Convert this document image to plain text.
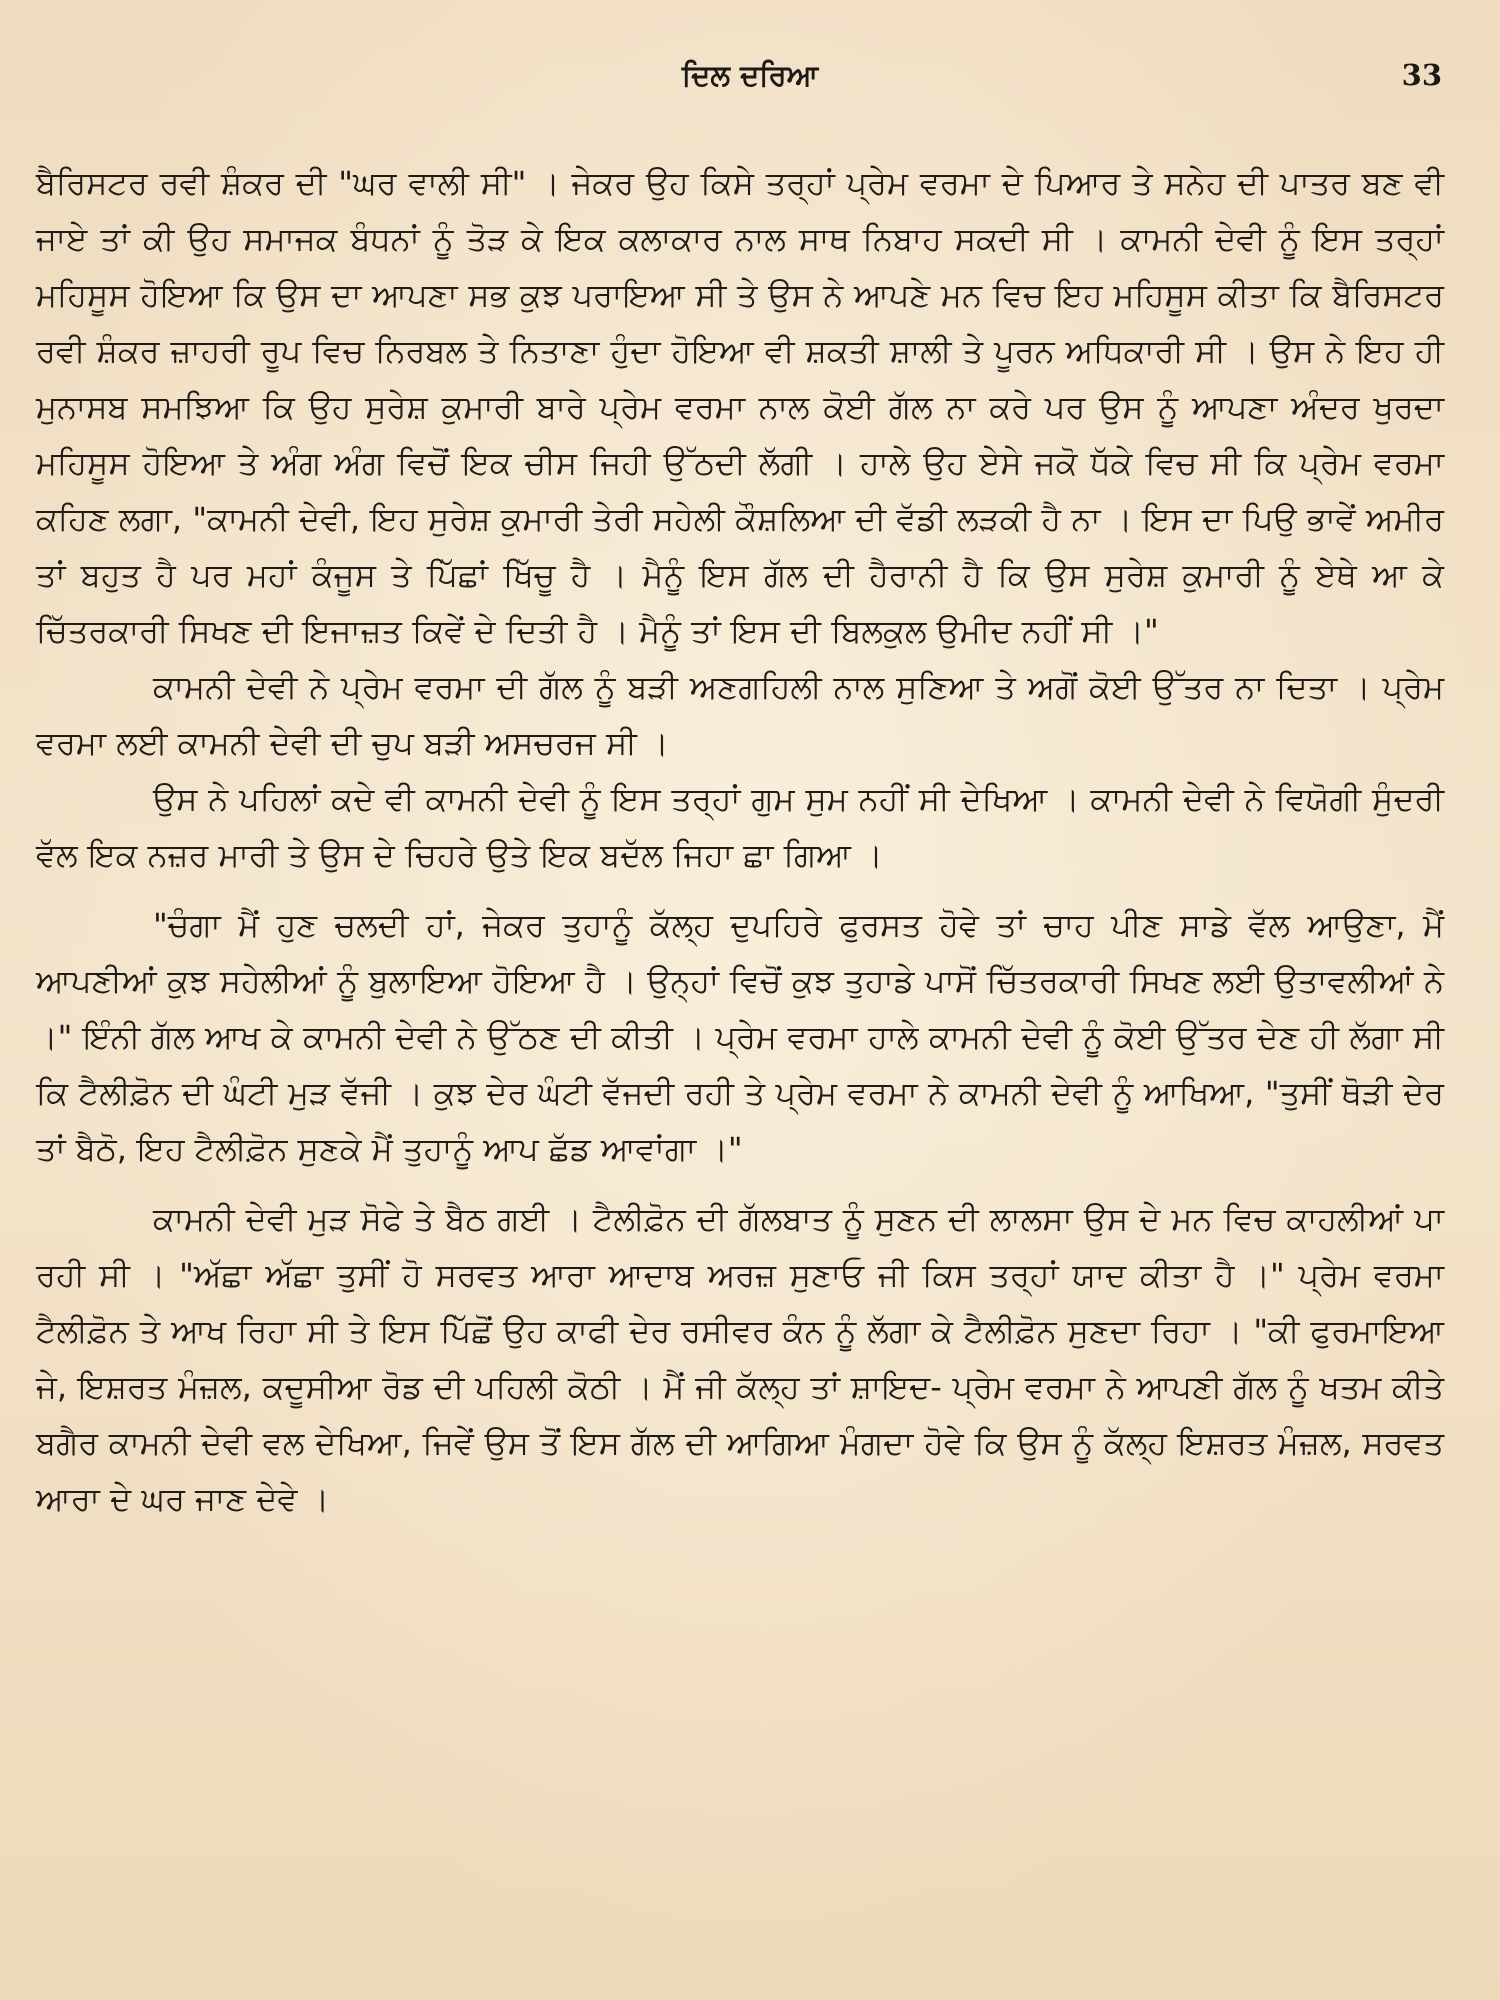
ਦਿਲ ਦਰਿਆ	33

ਬੈਰਿਸਟਰ ਰਵੀ ਸ਼ੰਕਰ ਦੀ "ਘਰ ਵਾਲੀ ਸੀ" । ਜੇਕਰ ਉਹ ਕਿਸੇ ਤਰ੍ਹਾਂ ਪ੍ਰੇਮ ਵਰਮਾ ਦੇ ਪਿਆਰ ਤੇ ਸਨੇਹ ਦੀ ਪਾਤਰ ਬਣ ਵੀ ਜਾਏ ਤਾਂ ਕੀ ਉਹ ਸਮਾਜਕ ਬੰਧਨਾਂ ਨੂੰ ਤੋੜ ਕੇ ਇਕ ਕਲਾਕਾਰ ਨਾਲ ਸਾਥ ਨਿਬਾਹ ਸਕਦੀ ਸੀ । ਕਾਮਨੀ ਦੇਵੀ ਨੂੰ ਇਸ ਤਰ੍ਹਾਂ ਮਹਿਸੂਸ ਹੋਇਆ ਕਿ ਉਸ ਦਾ ਆਪਣਾ ਸਭ ਕੁਝ ਪਰਾਇਆ ਸੀ ਤੇ ਉਸ ਨੇ ਆਪਣੇ ਮਨ ਵਿਚ ਇਹ ਮਹਿਸੂਸ ਕੀਤਾ ਕਿ ਬੈਰਿਸਟਰ ਰਵੀ ਸ਼ੰਕਰ ਜ਼ਾਹਰੀ ਰੂਪ ਵਿਚ ਨਿਰਬਲ ਤੇ ਨਿਤਾਣਾ ਹੁੰਦਾ ਹੋਇਆ ਵੀ ਸ਼ਕਤੀ ਸ਼ਾਲੀ ਤੇ ਪੂਰਨ ਅਧਿਕਾਰੀ ਸੀ । ਉਸ ਨੇ ਇਹ ਹੀ ਮੁਨਾਸਬ ਸਮਝਿਆ ਕਿ ਉਹ ਸੁਰੇਸ਼ ਕੁਮਾਰੀ ਬਾਰੇ ਪ੍ਰੇਮ ਵਰਮਾ ਨਾਲ ਕੋਈ ਗੱਲ ਨਾ ਕਰੇ ਪਰ ਉਸ ਨੂੰ ਆਪਣਾ ਅੰਦਰ ਖੁਰਦਾ ਮਹਿਸੂਸ ਹੋਇਆ ਤੇ ਅੰਗ ਅੰਗ ਵਿਚੋਂ ਇਕ ਚੀਸ ਜਿਹੀ ਉੱਠਦੀ ਲੱਗੀ । ਹਾਲੇ ਉਹ ਏਸੇ ਜਕੋ ਧੱਕੇ ਵਿਚ ਸੀ ਕਿ ਪ੍ਰੇਮ ਵਰਮਾ ਕਹਿਣ ਲਗਾ, "ਕਾਮਨੀ ਦੇਵੀ, ਇਹ ਸੁਰੇਸ਼ ਕੁਮਾਰੀ ਤੇਰੀ ਸਹੇਲੀ ਕੌਸ਼ਲਿਆ ਦੀ ਵੱਡੀ ਲੜਕੀ ਹੈ ਨਾ । ਇਸ ਦਾ ਪਿਉ ਭਾਵੇਂ ਅਮੀਰ ਤਾਂ ਬਹੁਤ ਹੈ ਪਰ ਮਹਾਂ ਕੰਜੂਸ ਤੇ ਪਿੱਛਾਂ ਖਿੱਚੂ ਹੈ । ਮੈਨੂੰ ਇਸ ਗੱਲ ਦੀ ਹੈਰਾਨੀ ਹੈ ਕਿ ਉਸ ਸੁਰੇਸ਼ ਕੁਮਾਰੀ ਨੂੰ ਏਥੇ ਆ ਕੇ ਚਿੱਤਰਕਾਰੀ ਸਿਖਣ ਦੀ ਇਜਾਜ਼ਤ ਕਿਵੇਂ ਦੇ ਦਿਤੀ ਹੈ । ਮੈਨੂੰ ਤਾਂ ਇਸ ਦੀ ਬਿਲਕੁਲ ਉਮੀਦ ਨਹੀਂ ਸੀ ।"

ਕਾਮਨੀ ਦੇਵੀ ਨੇ ਪ੍ਰੇਮ ਵਰਮਾ ਦੀ ਗੱਲ ਨੂੰ ਬੜੀ ਅਣਗਹਿਲੀ ਨਾਲ ਸੁਣਿਆ ਤੇ ਅਗੋਂ ਕੋਈ ਉੱਤਰ ਨਾ ਦਿਤਾ । ਪ੍ਰੇਮ ਵਰਮਾ ਲਈ ਕਾਮਨੀ ਦੇਵੀ ਦੀ ਚੁਪ ਬੜੀ ਅਸਚਰਜ ਸੀ ।

ਉਸ ਨੇ ਪਹਿਲਾਂ ਕਦੇ ਵੀ ਕਾਮਨੀ ਦੇਵੀ ਨੂੰ ਇਸ ਤਰ੍ਹਾਂ ਗੁਮ ਸੁਮ ਨਹੀਂ ਸੀ ਦੇਖਿਆ । ਕਾਮਨੀ ਦੇਵੀ ਨੇ ਵਿਯੋਗੀ ਸੁੰਦਰੀ ਵੱਲ ਇਕ ਨਜ਼ਰ ਮਾਰੀ ਤੇ ਉਸ ਦੇ ਚਿਹਰੇ ਉਤੇ ਇਕ ਬਦੱਲ ਜਿਹਾ ਛਾ ਗਿਆ ।

"ਚੰਗਾ ਮੈਂ ਹੁਣ ਚਲਦੀ ਹਾਂ, ਜੇਕਰ ਤੁਹਾਨੂੰ ਕੱਲ੍ਹ ਦੁਪਹਿਰੇ ਫੁਰਸਤ ਹੋਵੇ ਤਾਂ ਚਾਹ ਪੀਣ ਸਾਡੇ ਵੱਲ ਆਉਣਾ, ਮੈਂ ਆਪਣੀਆਂ ਕੁਝ ਸਹੇਲੀਆਂ ਨੂੰ ਬੁਲਾਇਆ ਹੋਇਆ ਹੈ । ਉਨ੍ਹਾਂ ਵਿਚੋਂ ਕੁਝ ਤੁਹਾਡੇ ਪਾਸੋਂ ਚਿੱਤਰਕਾਰੀ ਸਿਖਣ ਲਈ ਉਤਾਵਲੀਆਂ ਨੇ ।" ਇੰਨੀ ਗੱਲ ਆਖ ਕੇ ਕਾਮਨੀ ਦੇਵੀ ਨੇ ਉੱਠਣ ਦੀ ਕੀਤੀ । ਪ੍ਰੇਮ ਵਰਮਾ ਹਾਲੇ ਕਾਮਨੀ ਦੇਵੀ ਨੂੰ ਕੋਈ ਉੱਤਰ ਦੇਣ ਹੀ ਲੱਗਾ ਸੀ ਕਿ ਟੈਲੀਫ਼ੋਨ ਦੀ ਘੰਟੀ ਮੁੜ ਵੱਜੀ । ਕੁਝ ਦੇਰ ਘੰਟੀ ਵੱਜਦੀ ਰਹੀ ਤੇ ਪ੍ਰੇਮ ਵਰਮਾ ਨੇ ਕਾਮਨੀ ਦੇਵੀ ਨੂੰ ਆਖਿਆ, "ਤੁਸੀਂ ਥੋੜੀ ਦੇਰ ਤਾਂ ਬੈਠੋ, ਇਹ ਟੈਲੀਫ਼ੋਨ ਸੁਣਕੇ ਮੈਂ ਤੁਹਾਨੂੰ ਆਪ ਛੱਡ ਆਵਾਂਗਾ ।"

ਕਾਮਨੀ ਦੇਵੀ ਮੁੜ ਸੋਫੇ ਤੇ ਬੈਠ ਗਈ । ਟੈਲੀਫ਼ੋਨ ਦੀ ਗੱਲਬਾਤ ਨੂੰ ਸੁਣਨ ਦੀ ਲਾਲਸਾ ਉਸ ਦੇ ਮਨ ਵਿਚ ਕਾਹਲੀਆਂ ਪਾ ਰਹੀ ਸੀ । "ਅੱਛਾ ਅੱਛਾ ਤੁਸੀਂ ਹੋ ਸਰਵਤ ਆਰਾ ਆਦਾਬ ਅਰਜ਼ ਸੁਣਾਓ ਜੀ ਕਿਸ ਤਰ੍ਹਾਂ ਯਾਦ ਕੀਤਾ ਹੈ ।" ਪ੍ਰੇਮ ਵਰਮਾ ਟੈਲੀਫ਼ੋਨ ਤੇ ਆਖ ਰਿਹਾ ਸੀ ਤੇ ਇਸ ਪਿੱਛੋਂ ਉਹ ਕਾਫੀ ਦੇਰ ਰਸੀਵਰ ਕੰਨ ਨੂੰ ਲੱਗਾ ਕੇ ਟੈਲੀਫ਼ੋਨ ਸੁਣਦਾ ਰਿਹਾ । "ਕੀ ਫੁਰਮਾਇਆ ਜੇ, ਇਸ਼ਰਤ ਮੰਜ਼ਲ, ਕਦੂਸੀਆ ਰੋਡ ਦੀ ਪਹਿਲੀ ਕੋਠੀ । ਮੈਂ ਜੀ ਕੱਲ੍ਹ ਤਾਂ ਸ਼ਾਇਦ- ਪ੍ਰੇਮ ਵਰਮਾ ਨੇ ਆਪਣੀ ਗੱਲ ਨੂੰ ਖਤਮ ਕੀਤੇ ਬਗੈਰ ਕਾਮਨੀ ਦੇਵੀ ਵਲ ਦੇਖਿਆ, ਜਿਵੇਂ ਉਸ ਤੋਂ ਇਸ ਗੱਲ ਦੀ ਆਗਿਆ ਮੰਗਦਾ ਹੋਵੇ ਕਿ ਉਸ ਨੂੰ ਕੱਲ੍ਹ ਇਸ਼ਰਤ ਮੰਜ਼ਲ, ਸਰਵਤ ਆਰਾ ਦੇ ਘਰ ਜਾਣ ਦੇਵੇ ।
